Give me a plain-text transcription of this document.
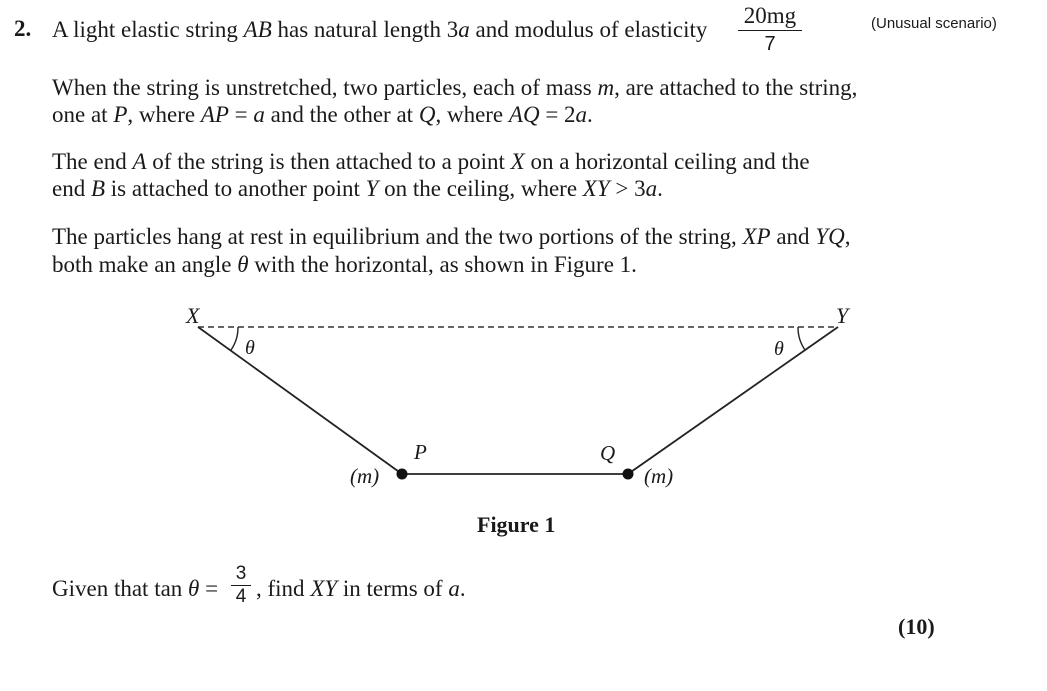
2. A light elastic string AB has natural length 3a and modulus of elasticity
20mg
7
(Unusual scenario)
When the string is unstretched, two particles, each of mass m, are attached to the string,
one at P, where AP = a and the other at Q, where AQ = 2a.
The end A of the string is then attached to a point X on a horizontal ceiling and the
end B is attached to another point Y on the ceiling, where XY > 3a.
The particles hang at rest in equilibrium and the two portions of the string, XP and YQ,
both make an angle θ with the horizontal, as shown in Figure 1.
X	Y
θ	θ
P	Q
(m)	(m)
Figure 1
Given that tan θ =
3
4 , find XY in terms of a.
(10)
